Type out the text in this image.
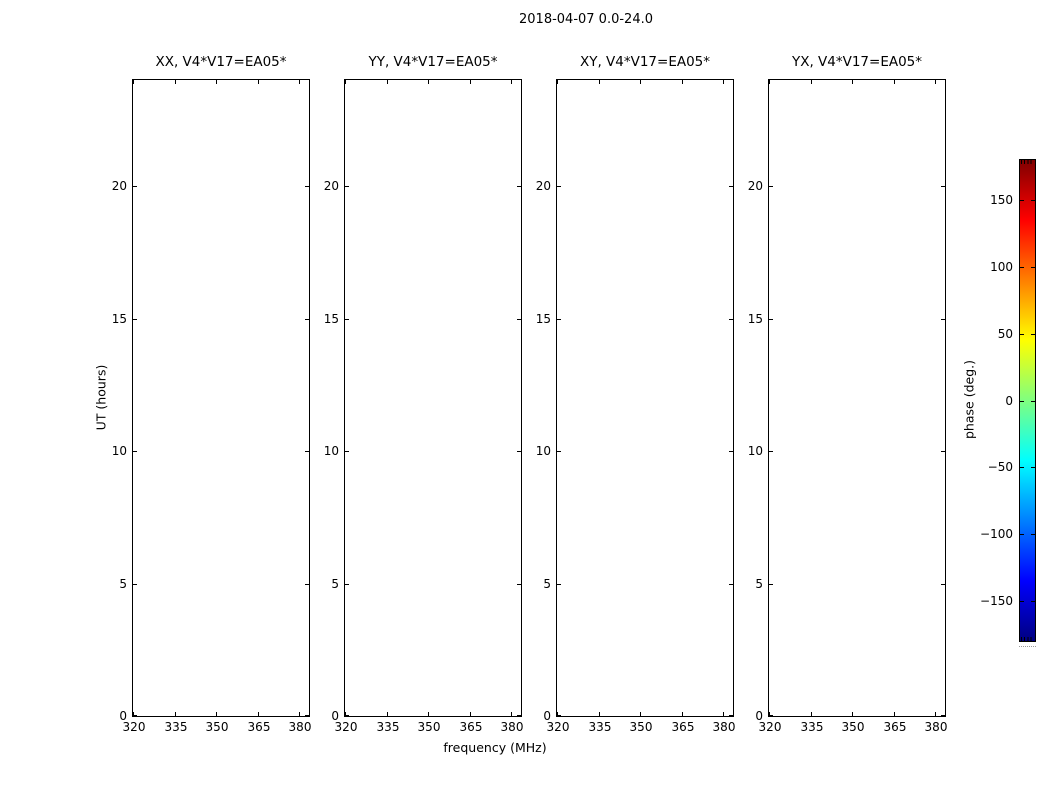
2018-04-07 0.0-24.0
XX, V4*V17=EA05*
320	335	350	365	380
0
5
10
15
20
YY, V4*V17=EA05*
320	335	350	365	380
0
5
10
15
20
XY, V4*V17=EA05*
320	335	350	365	380
0
5
10
15
20
YX, V4*V17=EA05*
320	335	350	365	380
0
5
10
15
20
UT (hours)
frequency (MHz)
150
100
50
0
−50
−100
−150
phase (deg.)
